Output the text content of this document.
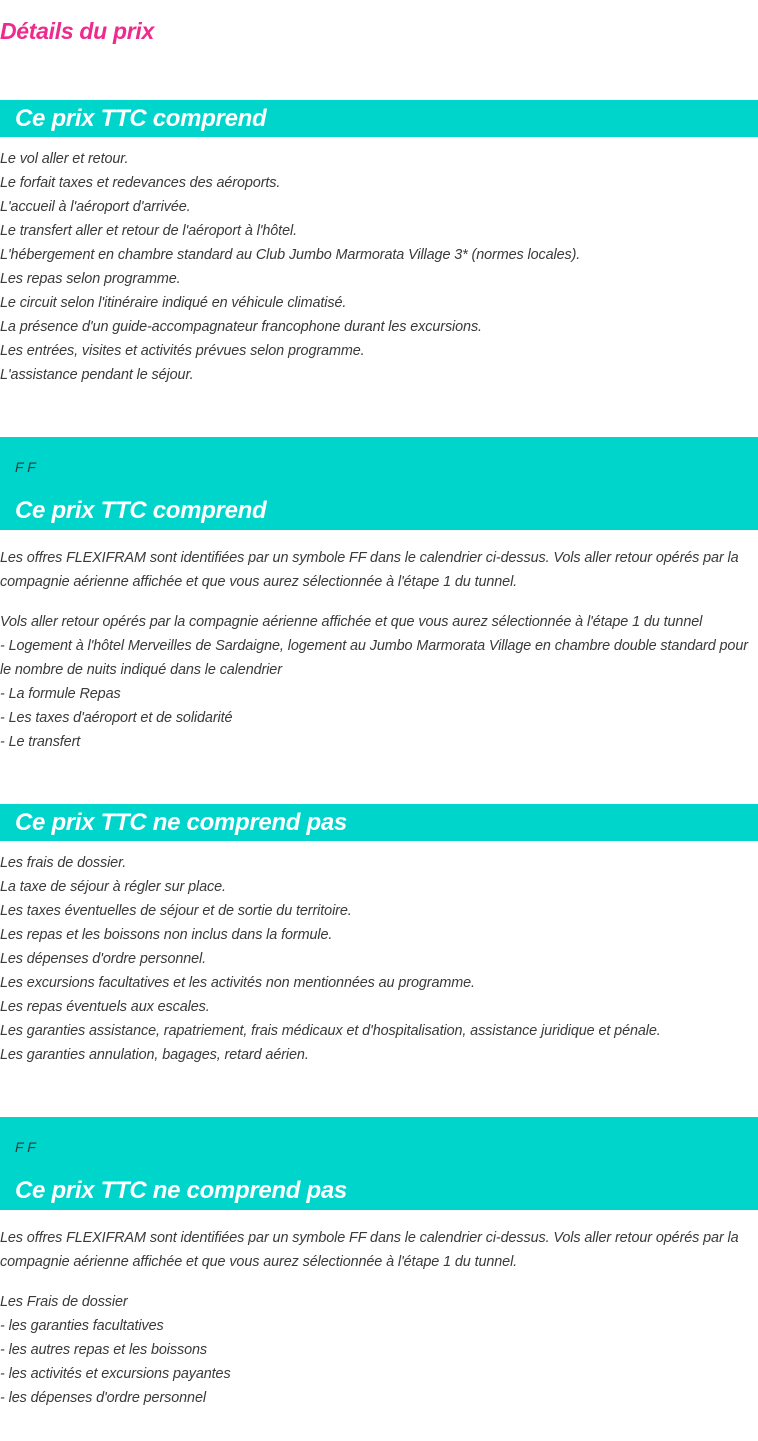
Détails du prix
Ce prix TTC comprend
Le vol aller et retour.
Le forfait taxes et redevances des aéroports.
L'accueil à l'aéroport d'arrivée.
Le transfert aller et retour de l'aéroport à l'hôtel.
L'hébergement en chambre standard au Club Jumbo Marmorata Village 3* (normes locales).
Les repas selon programme.
Le circuit selon l'itinéraire indiqué en véhicule climatisé.
La présence d'un guide-accompagnateur francophone durant les excursions.
Les entrées, visites et activités prévues selon programme.
L'assistance pendant le séjour.
F F
Ce prix TTC comprend
Les offres FLEXIFRAM sont identifiées par un symbole FF dans le calendrier ci-dessus. Vols aller retour opérés par la
compagnie aérienne affichée et que vous aurez sélectionnée à l'étape 1 du tunnel.
Vols aller retour opérés par la compagnie aérienne affichée et que vous aurez sélectionnée à l'étape 1 du tunnel
- Logement à l'hôtel Merveilles de Sardaigne, logement au Jumbo Marmorata Village en chambre double standard pour
le nombre de nuits indiqué dans le calendrier
- La formule Repas
- Les taxes d'aéroport et de solidarité
- Le transfert
Ce prix TTC ne comprend pas
Les frais de dossier.
La taxe de séjour à régler sur place.
Les taxes éventuelles de séjour et de sortie du territoire.
Les repas et les boissons non inclus dans la formule.
Les dépenses d'ordre personnel.
Les excursions facultatives et les activités non mentionnées au programme.
Les repas éventuels aux escales.
Les garanties assistance, rapatriement, frais médicaux et d'hospitalisation, assistance juridique et pénale.
Les garanties annulation, bagages, retard aérien.
F F
Ce prix TTC ne comprend pas
Les offres FLEXIFRAM sont identifiées par un symbole FF dans le calendrier ci-dessus. Vols aller retour opérés par la
compagnie aérienne affichée et que vous aurez sélectionnée à l'étape 1 du tunnel.
Les Frais de dossier
- les garanties facultatives
- les autres repas et les boissons
- les activités et excursions payantes
- les dépenses d'ordre personnel
